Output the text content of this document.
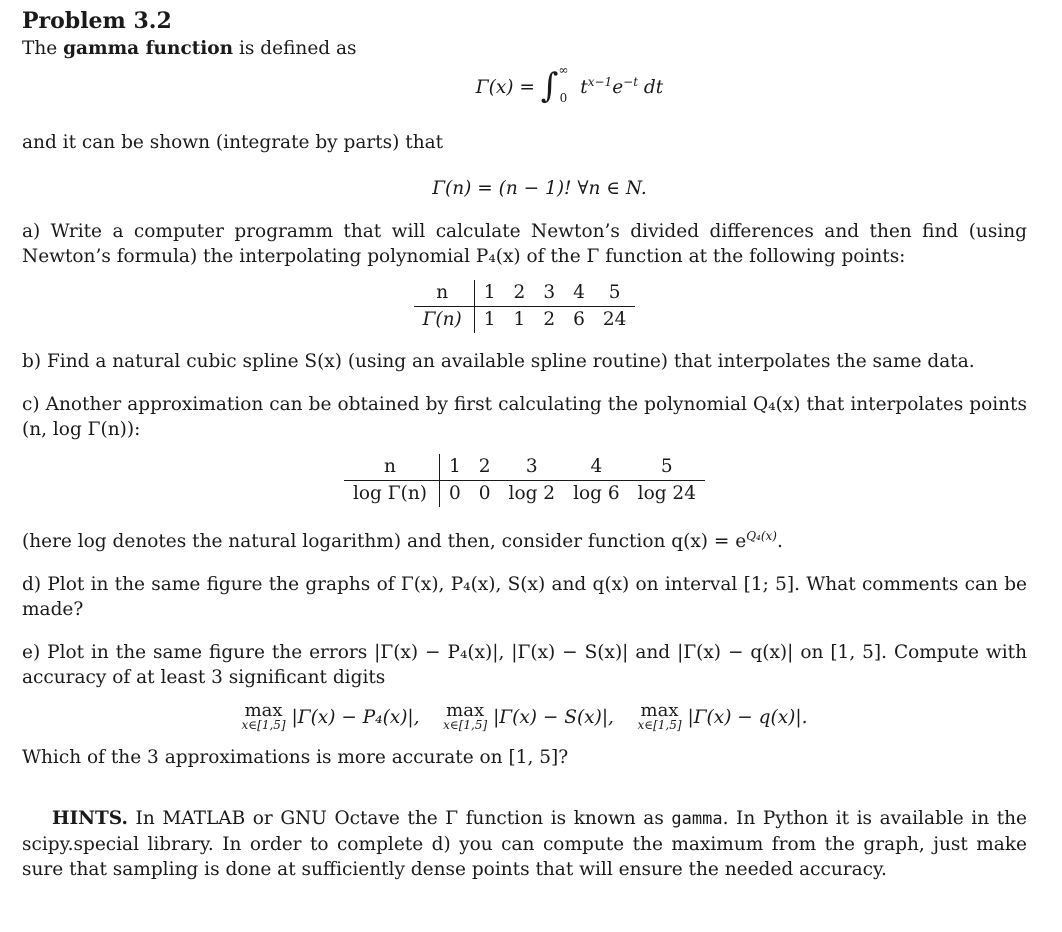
Problem 3.2

The gamma function is defined as

Γ(x) = ∫ ∞
0 $t^{x-1}e^{-t}$ dt

and it can be shown (integrate by parts) that

Γ(n) = (n − 1)! ∀n ∈ N.

a) Write a computer programm that will calculate Newton’s divided differences and then find (using Newton’s formula) the interpolating polynomial P₄(x) of the Γ function at the following points:

n	1	2	3	4	5
Γ(n)	1	1	2	6	24

b) Find a natural cubic spline S(x) (using an available spline routine) that interpolates the same data.

c) Another approximation can be obtained by first calculating the polynomial Q₄(x) that interpolates points (n, log Γ(n)):

n	1	2	3	4	5
log Γ(n)	0	0	log 2	log 6	log 24

(here log denotes the natural logarithm) and then, consider function $q(x) = e^{Q_4(x)}$.

d) Plot in the same figure the graphs of Γ(x), P₄(x), S(x) and q(x) on interval [1; 5]. What comments can be made?

e) Plot in the same figure the errors |Γ(x) − P₄(x)|, |Γ(x) − S(x)| and |Γ(x) − q(x)| on [1, 5]. Compute with accuracy of at least 3 significant digits

max
x∈[1,5] |Γ(x) − P₄(x)|, max
x∈[1,5] |Γ(x) − S(x)|, max
x∈[1,5] |Γ(x) − q(x)|.

Which of the 3 approximations is more accurate on [1, 5]?

HINTS. In MATLAB or GNU Octave the Γ function is known as gamma. In Python it is available in the scipy.special library. In order to complete d) you can compute the maximum from the graph, just make sure that sampling is done at sufficiently dense points that will ensure the needed accuracy.
